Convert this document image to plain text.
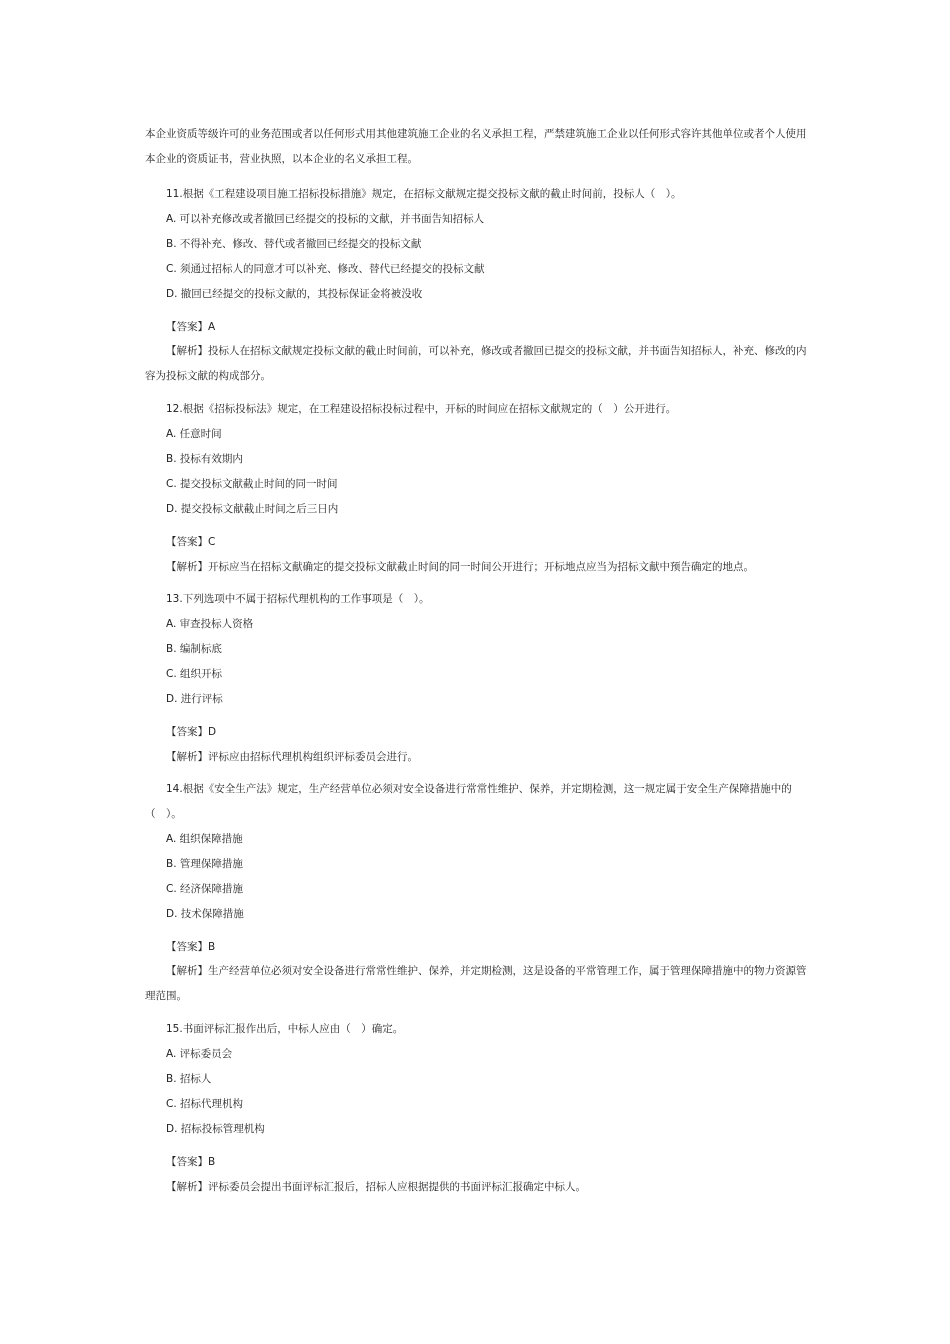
本企业资质等级许可的业务范围或者以任何形式用其他建筑施工企业的名义承担工程，严禁建筑施工企业以任何形式容许其他单位或者个人使用本企业的资质证书，营业执照，以本企业的名义承担工程。
11.根据《工程建设项目施工招标投标措施》规定，在招标文献规定提交投标文献的截止时间前，投标人（　）。
A. 可以补充修改或者撤回已经提交的投标的文献，并书面告知招标人
B. 不得补充、修改、替代或者撤回已经提交的投标文献
C. 须通过招标人的同意才可以补充、修改、替代已经提交的投标文献
D. 撤回已经提交的投标文献的，其投标保证金将被没收
【答案】A
【解析】投标人在招标文献规定投标文献的截止时间前，可以补充，修改或者撤回已提交的投标文献，并书面告知招标人，补充、修改的内容为投标文献的构成部分。
12.根据《招标投标法》规定，在工程建设招标投标过程中，开标的时间应在招标文献规定的（　）公开进行。
A. 任意时间
B. 投标有效期内
C. 提交投标文献截止时间的同一时间
D. 提交投标文献截止时间之后三日内
【答案】C
【解析】开标应当在招标文献确定的提交投标文献截止时间的同一时间公开进行；开标地点应当为招标文献中预告确定的地点。
13.下列选项中不属于招标代理机构的工作事项是（　）。
A. 审查投标人资格
B. 编制标底
C. 组织开标
D. 进行评标
【答案】D
【解析】评标应由招标代理机构组织评标委员会进行。
14.根据《安全生产法》规定，生产经营单位必须对安全设备进行常常性维护、保养，并定期检测，这一规定属于安全生产保障措施中的（　）。
A. 组织保障措施
B. 管理保障措施
C. 经济保障措施
D. 技术保障措施
【答案】B
【解析】生产经营单位必须对安全设备进行常常性维护、保养，并定期检测，这是设备的平常管理工作，属于管理保障措施中的物力资源管理范围。
15.书面评标汇报作出后，中标人应由（　）确定。
A. 评标委员会
B. 招标人
C. 招标代理机构
D. 招标投标管理机构
【答案】B
【解析】评标委员会提出书面评标汇报后，招标人应根据提供的书面评标汇报确定中标人。
